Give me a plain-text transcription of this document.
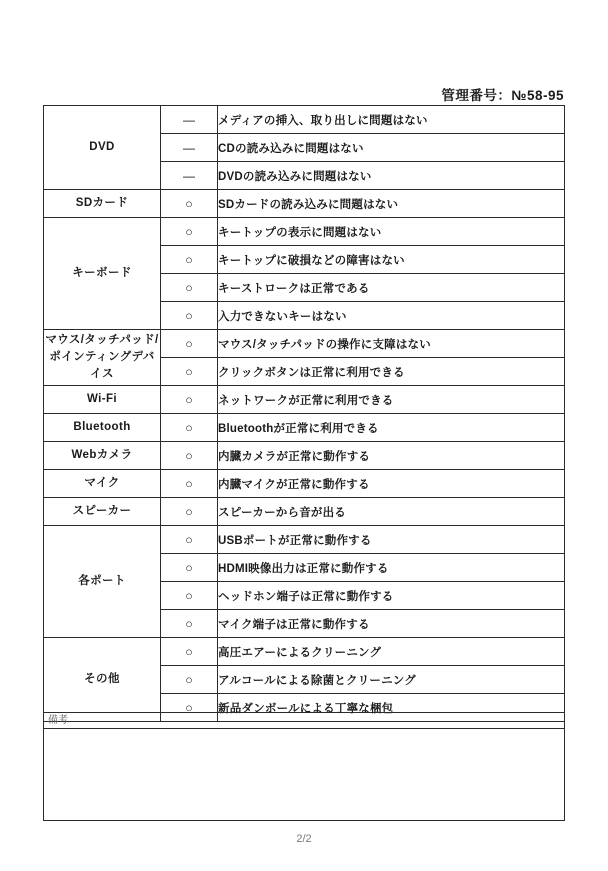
管理番号：№58-95
DVD	—	メディアの挿入、取り出しに問題はない
	—	CDの読み込みに問題はない
	—	DVDの読み込みに問題はない
SDカード	○	SDカードの読み込みに問題はない
キーボード	○	キートップの表示に問題はない
	○	キートップに破損などの障害はない
	○	キーストロークは正常である
	○	入力できないキーはない
マウス/タッチパッド/ポインティングデバイス	○	マウス/タッチパッドの操作に支障はない
	○	クリックボタンは正常に利用できる
Wi-Fi	○	ネットワークが正常に利用できる
Bluetooth	○	Bluetoothが正常に利用できる
Webカメラ	○	内臓カメラが正常に動作する
マイク	○	内臓マイクが正常に動作する
スピーカー	○	スピーカーから音が出る
各ポート	○	USBポートが正常に動作する
	○	HDMI映像出力は正常に動作する
	○	ヘッドホン端子は正常に動作する
	○	マイク端子は正常に動作する
その他	○	高圧エアーによるクリーニング
	○	アルコールによる除菌とクリーニング
	○	新品ダンボールによる丁寧な梱包
備考
2/2
